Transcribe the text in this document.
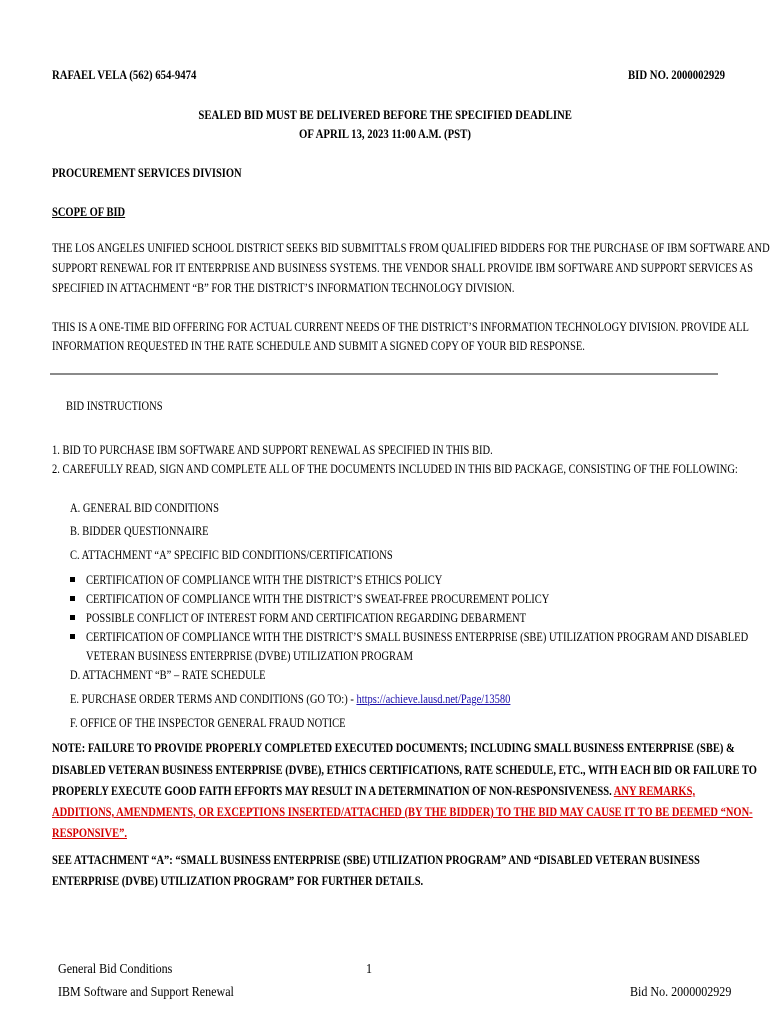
RAFAEL VELA (562) 654-9474	BID NO. 2000002929
SEALED BID MUST BE DELIVERED BEFORE THE SPECIFIED DEADLINE
OF APRIL 13, 2023 11:00 A.M. (PST)
PROCUREMENT SERVICES DIVISION
SCOPE OF BID
THE LOS ANGELES UNIFIED SCHOOL DISTRICT SEEKS BID SUBMITTALS FROM QUALIFIED BIDDERS FOR THE PURCHASE OF IBM SOFTWARE AND
SUPPORT RENEWAL FOR IT ENTERPRISE AND BUSINESS SYSTEMS. THE VENDOR SHALL PROVIDE IBM SOFTWARE AND SUPPORT SERVICES AS
SPECIFIED IN ATTACHMENT “B” FOR THE DISTRICT’S INFORMATION TECHNOLOGY DIVISION.
THIS IS A ONE-TIME BID OFFERING FOR ACTUAL CURRENT NEEDS OF THE DISTRICT’S INFORMATION TECHNOLOGY DIVISION. PROVIDE ALL
INFORMATION REQUESTED IN THE RATE SCHEDULE AND SUBMIT A SIGNED COPY OF YOUR BID RESPONSE.
BID INSTRUCTIONS
1. BID TO PURCHASE IBM SOFTWARE AND SUPPORT RENEWAL AS SPECIFIED IN THIS BID.
2. CAREFULLY READ, SIGN AND COMPLETE ALL OF THE DOCUMENTS INCLUDED IN THIS BID PACKAGE, CONSISTING OF THE FOLLOWING:
A. GENERAL BID CONDITIONS
B. BIDDER QUESTIONNAIRE
C. ATTACHMENT “A” SPECIFIC BID CONDITIONS/CERTIFICATIONS
CERTIFICATION OF COMPLIANCE WITH THE DISTRICT’S ETHICS POLICY
CERTIFICATION OF COMPLIANCE WITH THE DISTRICT’S SWEAT-FREE PROCUREMENT POLICY
POSSIBLE CONFLICT OF INTEREST FORM AND CERTIFICATION REGARDING DEBARMENT
CERTIFICATION OF COMPLIANCE WITH THE DISTRICT’S SMALL BUSINESS ENTERPRISE (SBE) UTILIZATION PROGRAM AND DISABLED
VETERAN BUSINESS ENTERPRISE (DVBE) UTILIZATION PROGRAM
D. ATTACHMENT “B” – RATE SCHEDULE
E. PURCHASE ORDER TERMS AND CONDITIONS (GO TO:) - https://achieve.lausd.net/Page/13580
F. OFFICE OF THE INSPECTOR GENERAL FRAUD NOTICE
NOTE: FAILURE TO PROVIDE PROPERLY COMPLETED EXECUTED DOCUMENTS; INCLUDING SMALL BUSINESS ENTERPRISE (SBE) &
DISABLED VETERAN BUSINESS ENTERPRISE (DVBE), ETHICS CERTIFICATIONS, RATE SCHEDULE, ETC., WITH EACH BID OR FAILURE TO
PROPERLY EXECUTE GOOD FAITH EFFORTS MAY RESULT IN A DETERMINATION OF NON-RESPONSIVENESS. ANY REMARKS,
ADDITIONS, AMENDMENTS, OR EXCEPTIONS INSERTED/ATTACHED (BY THE BIDDER) TO THE BID MAY CAUSE IT TO BE DEEMED “NON-
RESPONSIVE”.
SEE ATTACHMENT “A”: “SMALL BUSINESS ENTERPRISE (SBE) UTILIZATION PROGRAM” AND “DISABLED VETERAN BUSINESS
ENTERPRISE (DVBE) UTILIZATION PROGRAM” FOR FURTHER DETAILS.
General Bid Conditions
IBM Software and Support Renewal
1
Bid No. 2000002929
